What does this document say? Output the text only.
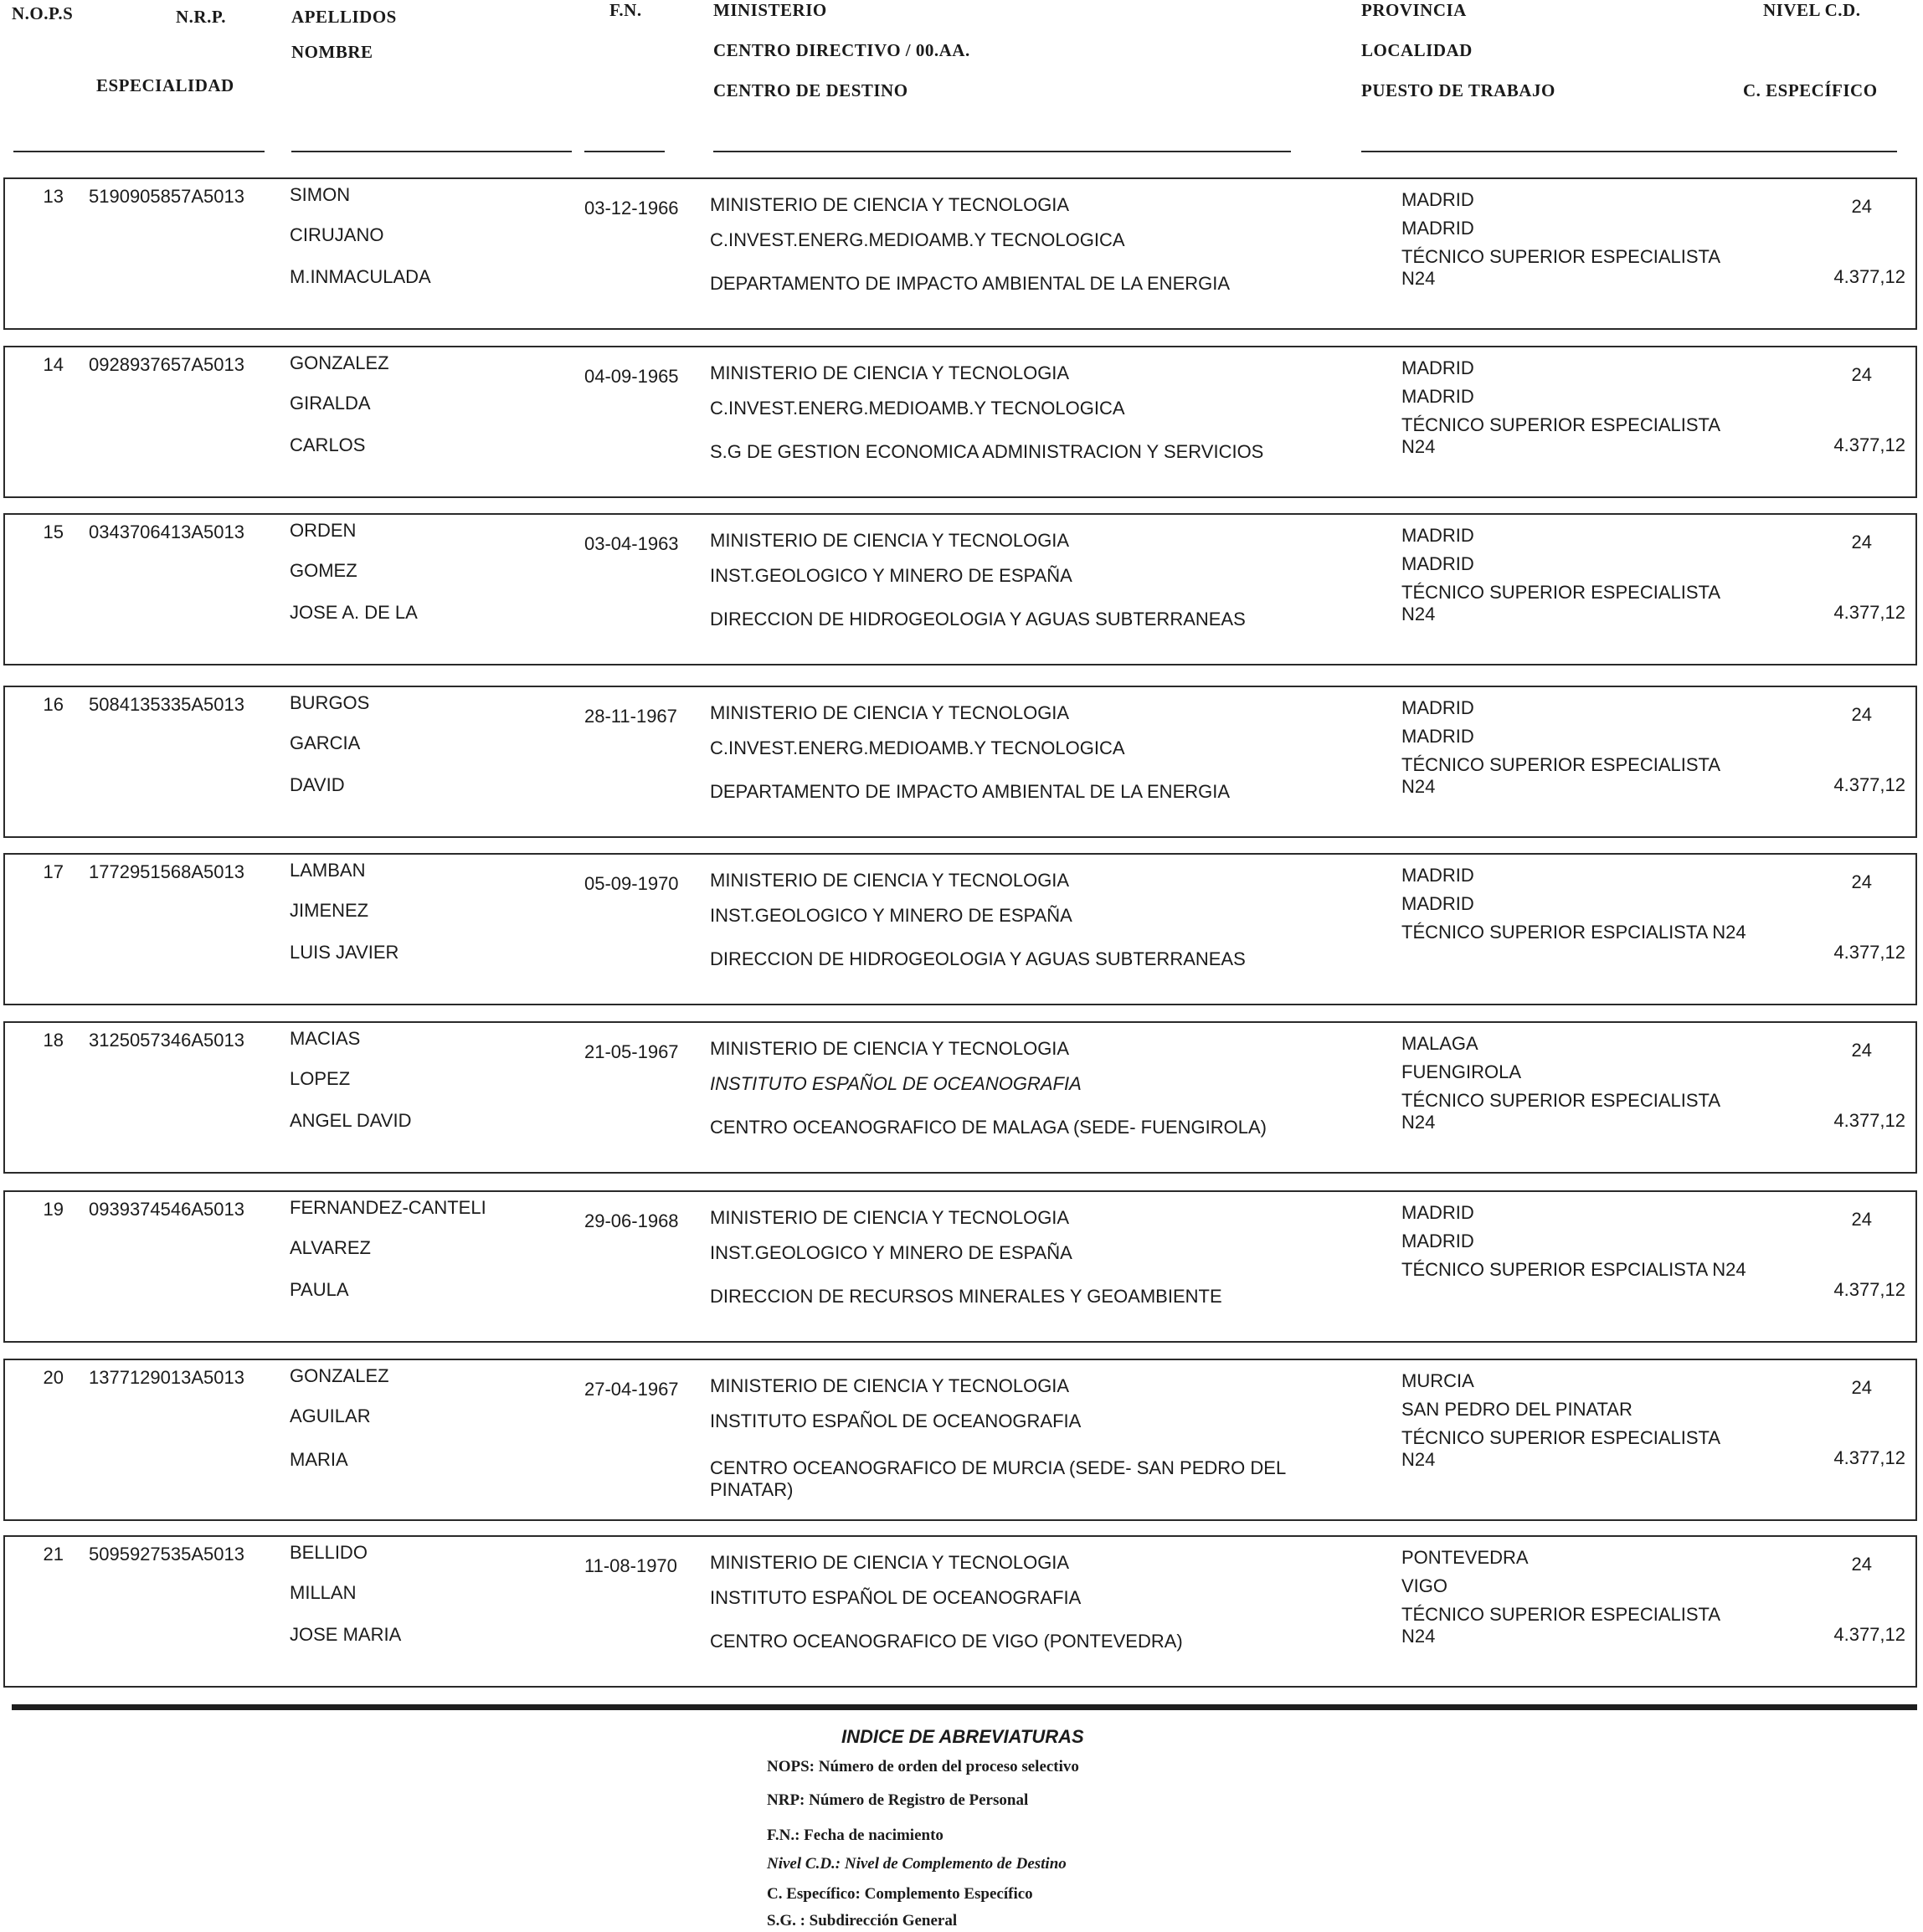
N.O.P.S	N.R.P.
ESPECIALIDAD
APELLIDOS
NOMBRE
F.N.	MINISTERIO
CENTRO DIRECTIVO / 00.AA.
CENTRO DE DESTINO
PROVINCIA
LOCALIDAD
PUESTO DE TRABAJO
NIVEL C.D.
C. ESPECÍFICO
13 5190905857A5013 SIMON
CIRUJANO
M.INMACULADA
03-12-1966 MINISTERIO DE CIENCIA Y TECNOLOGIA
C.INVEST.ENERG.MEDIOAMB.Y TECNOLOGICA
DEPARTAMENTO DE IMPACTO AMBIENTAL DE LA ENERGIA
MADRID
MADRID
TÉCNICO SUPERIOR ESPECIALISTA
N24
24
4.377,12
14 0928937657A5013 GONZALEZ
GIRALDA
CARLOS
04-09-1965 MINISTERIO DE CIENCIA Y TECNOLOGIA
C.INVEST.ENERG.MEDIOAMB.Y TECNOLOGICA
S.G DE GESTION ECONOMICA ADMINISTRACION Y SERVICIOS
MADRID
MADRID
TÉCNICO SUPERIOR ESPECIALISTA
N24
24
4.377,12
15 0343706413A5013 ORDEN
GOMEZ
JOSE A. DE LA
03-04-1963 MINISTERIO DE CIENCIA Y TECNOLOGIA
INST.GEOLOGICO Y MINERO DE ESPAÑA
DIRECCION DE HIDROGEOLOGIA Y AGUAS SUBTERRANEAS
MADRID
MADRID
TÉCNICO SUPERIOR ESPECIALISTA
N24
24
4.377,12
16 5084135335A5013 BURGOS
GARCIA
DAVID
28-11-1967 MINISTERIO DE CIENCIA Y TECNOLOGIA
C.INVEST.ENERG.MEDIOAMB.Y TECNOLOGICA
DEPARTAMENTO DE IMPACTO AMBIENTAL DE LA ENERGIA
MADRID
MADRID
TÉCNICO SUPERIOR ESPECIALISTA
N24
24
4.377,12
17 1772951568A5013 LAMBAN
JIMENEZ
LUIS JAVIER
05-09-1970 MINISTERIO DE CIENCIA Y TECNOLOGIA
INST.GEOLOGICO Y MINERO DE ESPAÑA
DIRECCION DE HIDROGEOLOGIA Y AGUAS SUBTERRANEAS
MADRID
MADRID
TÉCNICO SUPERIOR ESPCIALISTA N24
24
4.377,12
18 3125057346A5013 MACIAS
LOPEZ
ANGEL DAVID
21-05-1967 MINISTERIO DE CIENCIA Y TECNOLOGIA
INSTITUTO ESPAÑOL DE OCEANOGRAFIA
CENTRO OCEANOGRAFICO DE MALAGA (SEDE- FUENGIROLA)
MALAGA
FUENGIROLA
TÉCNICO SUPERIOR ESPECIALISTA
N24
24
4.377,12
19 0939374546A5013 FERNANDEZ-CANTELI
ALVAREZ
PAULA
29-06-1968 MINISTERIO DE CIENCIA Y TECNOLOGIA
INST.GEOLOGICO Y MINERO DE ESPAÑA
DIRECCION DE RECURSOS MINERALES Y GEOAMBIENTE
MADRID
MADRID
TÉCNICO SUPERIOR ESPCIALISTA N24
24
4.377,12
20 1377129013A5013 GONZALEZ
AGUILAR
MARIA
27-04-1967 MINISTERIO DE CIENCIA Y TECNOLOGIA
INSTITUTO ESPAÑOL DE OCEANOGRAFIA
CENTRO OCEANOGRAFICO DE MURCIA (SEDE- SAN PEDRO DEL PINATAR)
MURCIA
SAN PEDRO DEL PINATAR
TÉCNICO SUPERIOR ESPECIALISTA
N24
24
4.377,12
21 5095927535A5013 BELLIDO
MILLAN
JOSE MARIA
11-08-1970 MINISTERIO DE CIENCIA Y TECNOLOGIA
INSTITUTO ESPAÑOL DE OCEANOGRAFIA
CENTRO OCEANOGRAFICO DE VIGO (PONTEVEDRA)
PONTEVEDRA
VIGO
TÉCNICO SUPERIOR ESPECIALISTA
N24
24
4.377,12
INDICE DE ABREVIATURAS
NOPS: Número de orden del proceso selectivo
NRP: Número de Registro de Personal
F.N.: Fecha de nacimiento
Nivel C.D.: Nivel de Complemento de Destino
C. Específico: Complemento Específico
S.G. : Subdirección General
